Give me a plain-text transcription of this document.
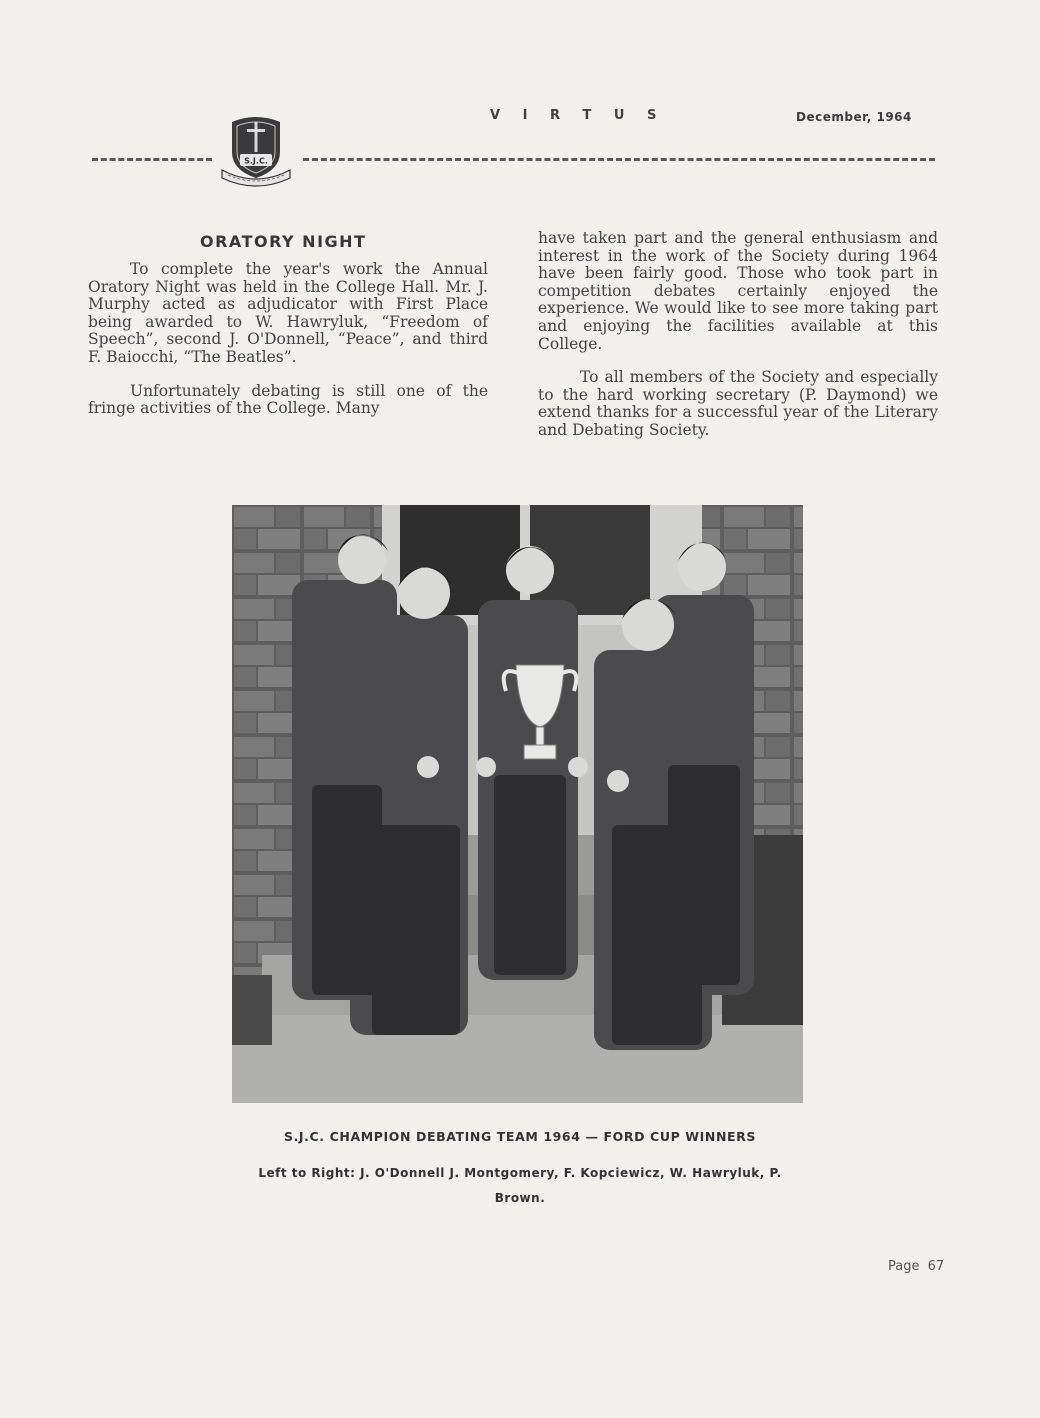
V I R T U S	December, 1964
S.J.C.
ORATORY NIGHT

To complete the year's work the Annual Oratory Night was held in the College Hall. Mr. J. Murphy acted as adjudicator with First Place being awarded to W. Hawryluk, “Freedom of Speech”, second J. O'Donnell, “Peace”, and third F. Baiocchi, “The Beatles”.

Unfortunately debating is still one of the fringe activities of the College. Many

have taken part and the general enthusiasm and interest in the work of the Society during 1964 have been fairly good. Those who took part in competition debates certainly enjoyed the experience. We would like to see more taking part and enjoying the facilities available at this College.

To all members of the Society and especially to the hard working secretary (P. Daymond) we extend thanks for a successful year of the Literary and Debating Society.

S.J.C. CHAMPION DEBATING TEAM 1964 — FORD CUP WINNERS

Left to Right: J. O'Donnell J. Montgomery, F. Kopciewicz, W. Hawryluk, P. Brown.

Page 67
